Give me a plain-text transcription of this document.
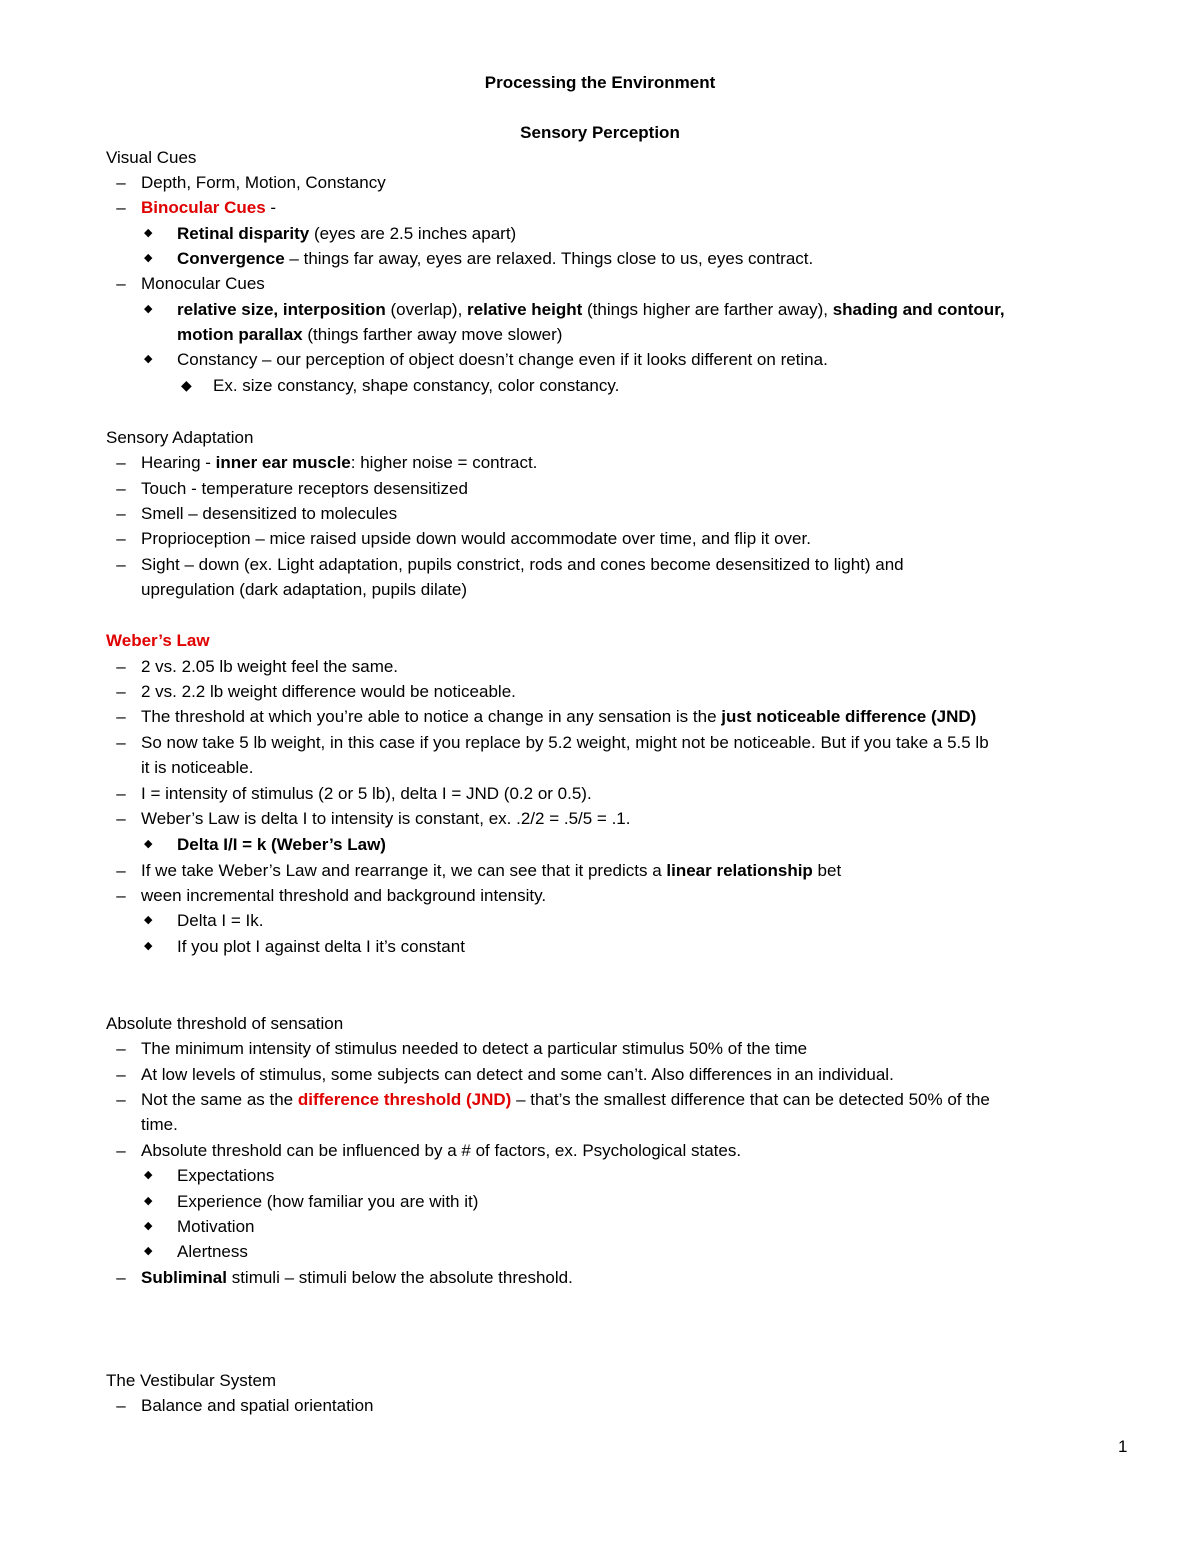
Processing the Environment
Sensory Perception
Visual Cues
– Depth, Form, Motion, Constancy
– Binocular Cues -
◆ Retinal disparity (eyes are 2.5 inches apart)
◆ Convergence – things far away, eyes are relaxed. Things close to us, eyes contract.
– Monocular Cues
◆ relative size, interposition (overlap), relative height (things higher are farther away), shading and contour,
motion parallax (things farther away move slower)
◆ Constancy – our perception of object doesn’t change even if it looks different on retina.
◆ Ex. size constancy, shape constancy, color constancy.
Sensory Adaptation
– Hearing - inner ear muscle: higher noise = contract.
– Touch - temperature receptors desensitized
– Smell – desensitized to molecules
– Proprioception – mice raised upside down would accommodate over time, and flip it over.
– Sight – down (ex. Light adaptation, pupils constrict, rods and cones become desensitized to light) and
upregulation (dark adaptation, pupils dilate)
Weber’s Law
– 2 vs. 2.05 lb weight feel the same.
– 2 vs. 2.2 lb weight difference would be noticeable.
– The threshold at which you’re able to notice a change in any sensation is the just noticeable difference (JND)
– So now take 5 lb weight, in this case if you replace by 5.2 weight, might not be noticeable. But if you take a 5.5 lb
it is noticeable.
– I = intensity of stimulus (2 or 5 lb), delta I = JND (0.2 or 0.5).
– Weber’s Law is delta I to intensity is constant, ex. .2/2 = .5/5 = .1.
◆ Delta I/I = k (Weber’s Law)
– If we take Weber’s Law and rearrange it, we can see that it predicts a linear relationship bet
– ween incremental threshold and background intensity.
◆ Delta I = Ik.
◆ If you plot I against delta I it’s constant
Absolute threshold of sensation
– The minimum intensity of stimulus needed to detect a particular stimulus 50% of the time
– At low levels of stimulus, some subjects can detect and some can’t. Also differences in an individual.
– Not the same as the difference threshold (JND) – that’s the smallest difference that can be detected 50% of the
time.
– Absolute threshold can be influenced by a # of factors, ex. Psychological states.
◆ Expectations
◆ Experience (how familiar you are with it)
◆ Motivation
◆ Alertness
– Subliminal stimuli – stimuli below the absolute threshold.
The Vestibular System
– Balance and spatial orientation
1
